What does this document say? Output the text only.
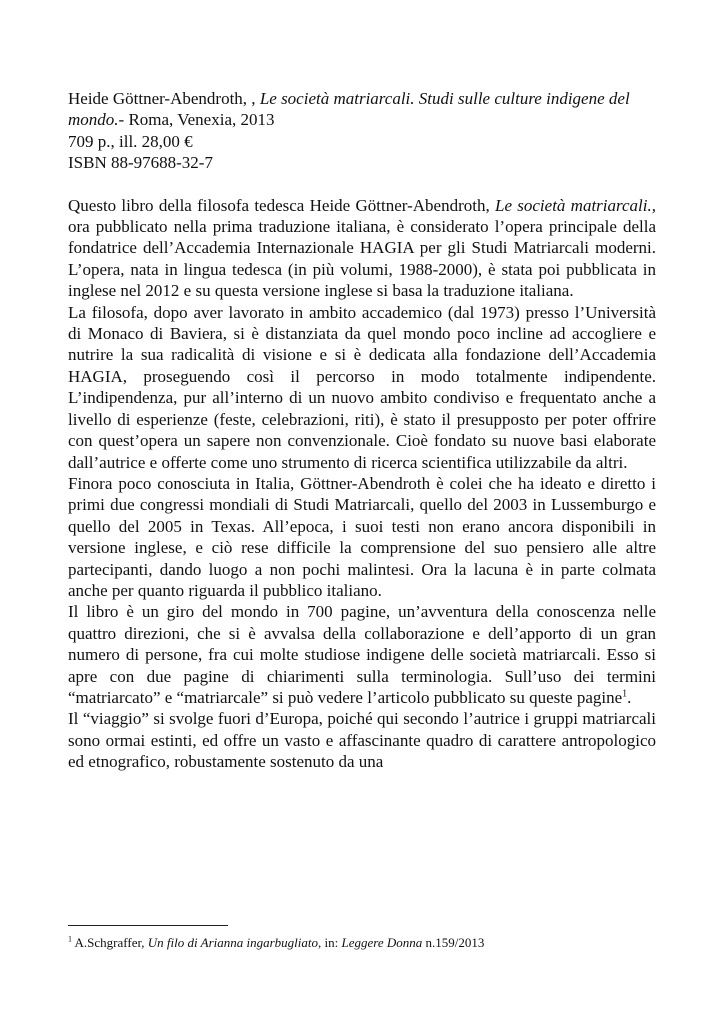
Heide Göttner-Abendroth, , Le società matriarcali. Studi sulle culture indigene del mondo.- Roma, Venexia, 2013

709 p., ill. 28,00 €

ISBN 88-97688-32-7

Questo libro della filosofa tedesca Heide Göttner-Abendroth, Le società matriarcali., ora pubblicato nella prima traduzione italiana, è considerato l’opera principale della fondatrice dell’Accademia Internazionale HAGIA per gli Studi Matriarcali moderni. L’opera, nata in lingua tedesca (in più volumi, 1988-2000), è stata poi pubblicata in inglese nel 2012 e su questa versione inglese si basa la traduzione italiana.

La filosofa, dopo aver lavorato in ambito accademico (dal 1973) presso l’Università di Monaco di Baviera, si è distanziata da quel mondo poco incline ad accogliere e nutrire la sua radicalità di visione e si è dedicata alla fondazione dell’Accademia HAGIA, proseguendo così il percorso in modo totalmente indipendente. L’indipendenza, pur all’interno di un nuovo ambito condiviso e frequentato anche a livello di esperienze (feste, celebrazioni, riti), è stato il presupposto per poter offrire con quest’opera un sapere non convenzionale. Cioè fondato su nuove basi elaborate dall’autrice e offerte come uno strumento di ricerca scientifica utilizzabile da altri.

Finora poco conosciuta in Italia, Göttner-Abendroth è colei che ha ideato e diretto i primi due congressi mondiali di Studi Matriarcali, quello del 2003 in Lussemburgo e quello del 2005 in Texas. All’epoca, i suoi testi non erano ancora disponibili in versione inglese, e ciò rese difficile la comprensione del suo pensiero alle altre partecipanti, dando luogo a non pochi malintesi. Ora la lacuna è in parte colmata anche per quanto riguarda il pubblico italiano.

Il libro è un giro del mondo in 700 pagine, un’avventura della conoscenza nelle quattro direzioni, che si è avvalsa della collaborazione e dell’apporto di un gran numero di persone, fra cui molte studiose indigene delle società matriarcali. Esso si apre con due pagine di chiarimenti sulla terminologia. Sull’uso dei termini “matriarcato” e “matriarcale” si può vedere l’articolo pubblicato su queste pagine$^1$.

Il “viaggio” si svolge fuori d’Europa, poiché qui secondo l’autrice i gruppi matriarcali sono ormai estinti, ed offre un vasto e affascinante quadro di carattere antropologico ed etnografico, robustamente sostenuto da una

$^1$ A.Schgraffer, Un filo di Arianna ingarbugliato, in: Leggere Donna n.159/2013
